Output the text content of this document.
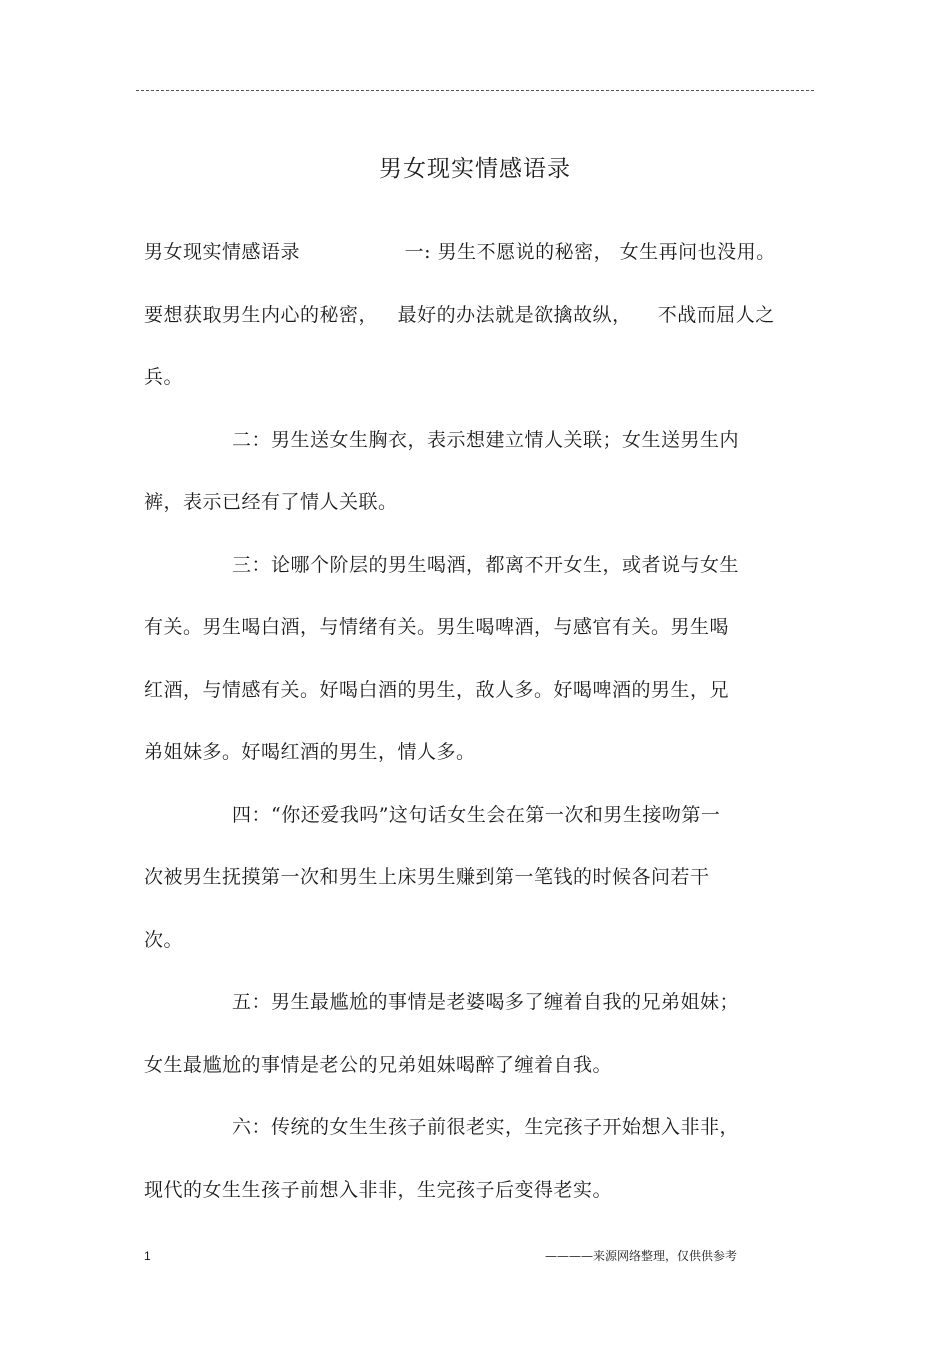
男女现实情感语录
男女现实情感语录                一: 男生不愿说的秘密， 女生再问也没用。
要想获取男生内心的秘密，   最好的办法就是欲擒故纵，    不战而屈人之
兵。
二：男生送女生胸衣，表示想建立情人关联；女生送男生内
裤，表示已经有了情人关联。
三：论哪个阶层的男生喝酒，都离不开女生，或者说与女生
有关。男生喝白酒，与情绪有关。男生喝啤酒，与感官有关。男生喝
红酒，与情感有关。好喝白酒的男生，敌人多。好喝啤酒的男生，兄
弟姐妹多。好喝红酒的男生，情人多。
四：“你还爱我吗”这句话女生会在第一次和男生接吻第一
次被男生抚摸第一次和男生上床男生赚到第一笔钱的时候各问若干
次。
五：男生最尴尬的事情是老婆喝多了缠着自我的兄弟姐妹；
女生最尴尬的事情是老公的兄弟姐妹喝醉了缠着自我。
六：传统的女生生孩子前很老实，生完孩子开始想入非非，
现代的女生生孩子前想入非非，生完孩子后变得老实。
1	————来源网络整理，仅供供参考
